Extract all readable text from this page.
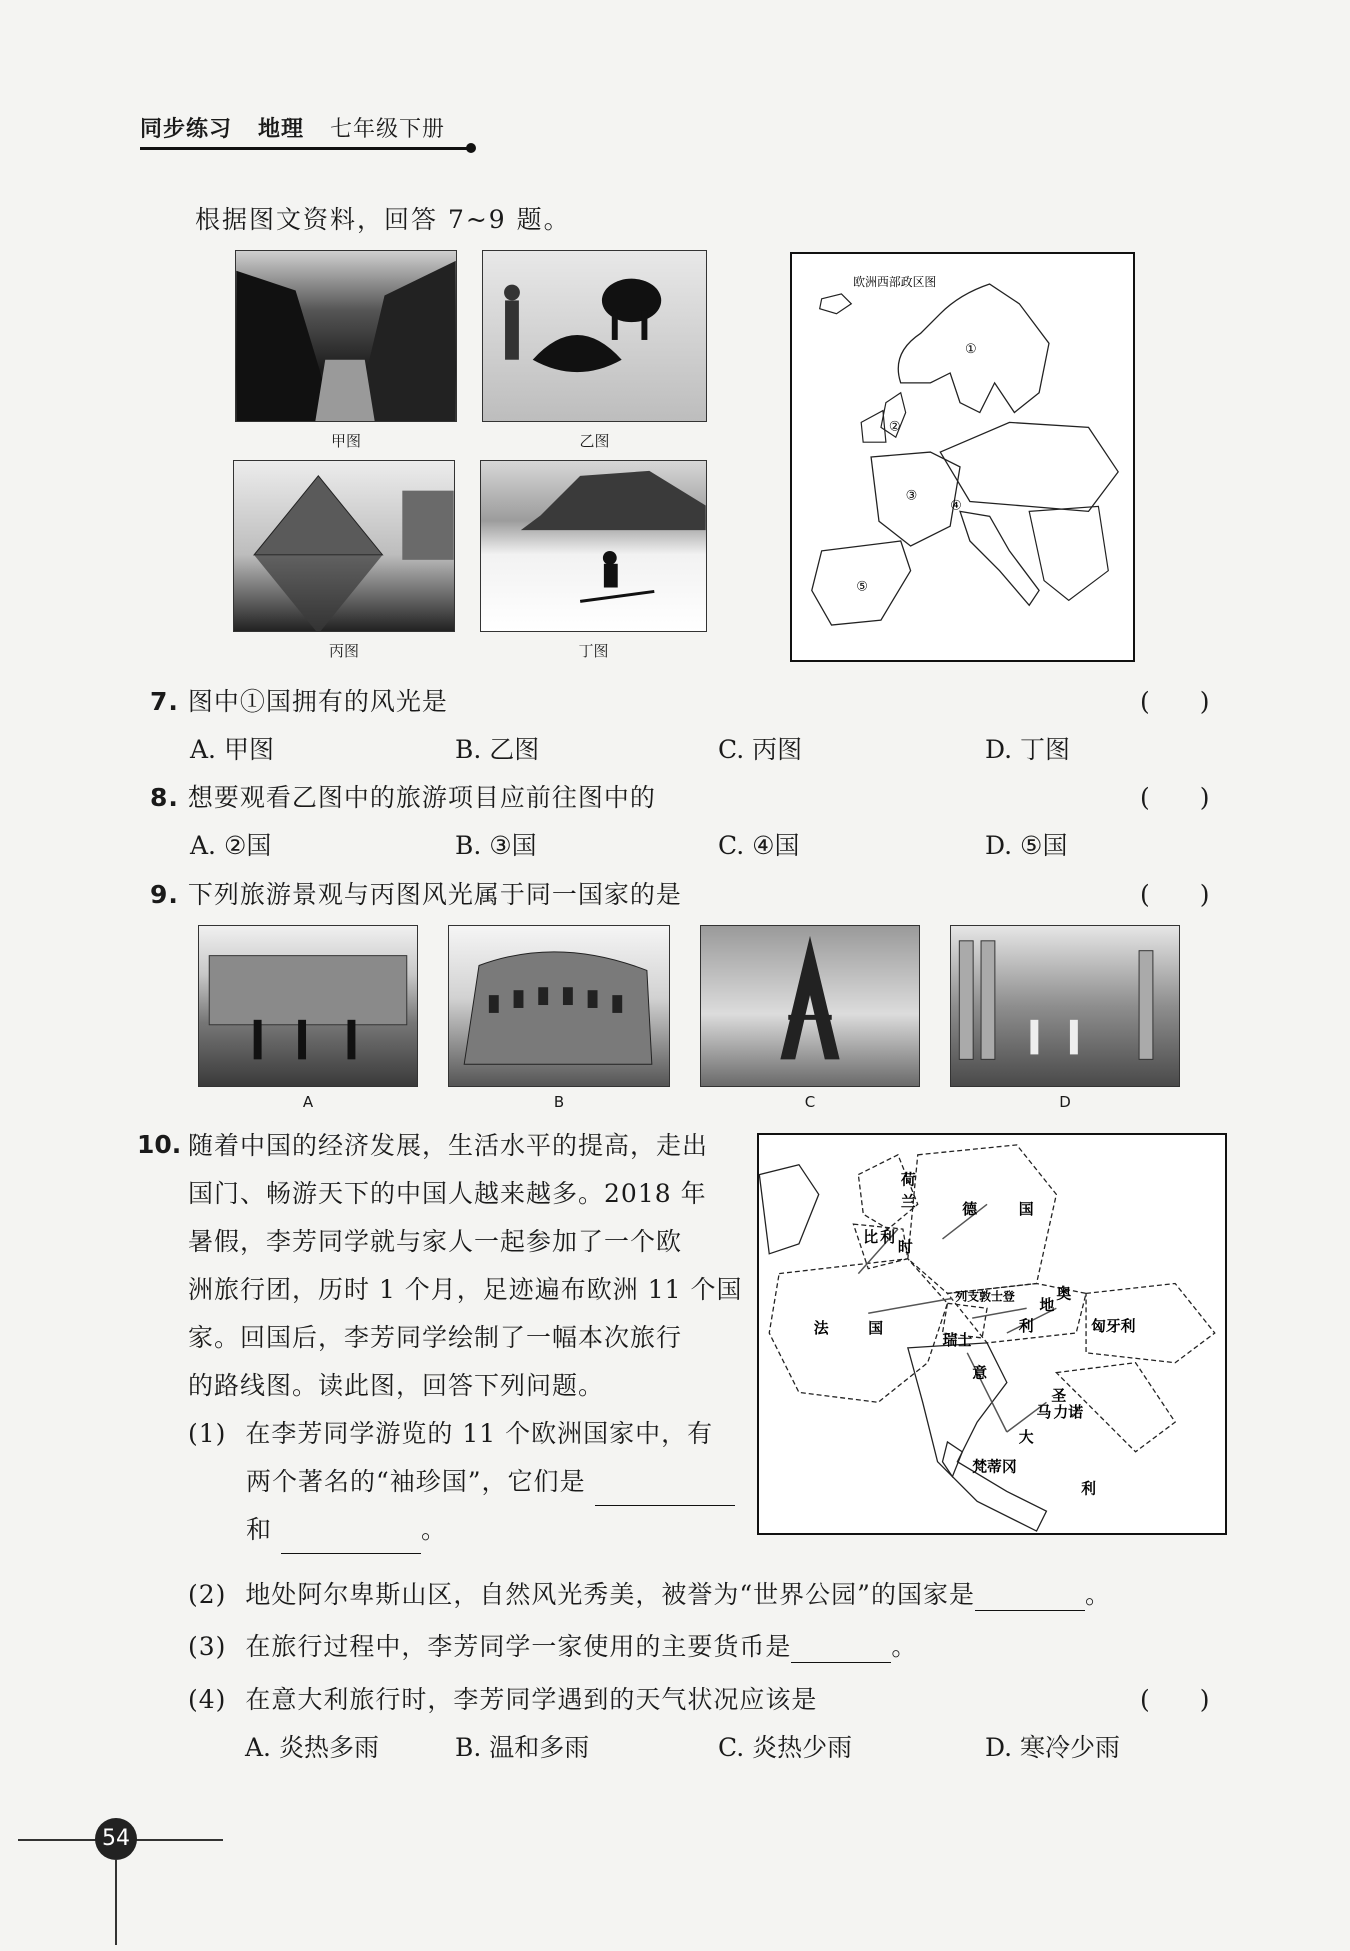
同步练习 地理 七年级下册
根据图文资料，回答 7~9 题。
甲图	乙图
丙图	丁图
欧洲西部政区图
①
②
③
④
⑤
7. 图中①国拥有的风光是	(　　)
A. 甲图	B. 乙图	C. 丙图	D. 丁图
8. 想要观看乙图中的旅游项目应前往图中的	(　　)
A. ②国	B. ③国	C. ④国	D. ⑤国
9. 下列旅游景观与丙图风光属于同一国家的是	(　　)
A	B	C	D
10. 随着中国的经济发展，生活水平的提高，走出
国门、畅游天下的中国人越来越多。2018 年
暑假，李芳同学就与家人一起参加了一个欧
洲旅行团，历时 1 个月，足迹遍布欧洲 11 个国
家。回国后，李芳同学绘制了一幅本次旅行
的路线图。读此图，回答下列问题。
荷
兰	德	国
比 利
时
法	国
列支敦士登	奥
地
利	匈牙利
瑞士
意
圣
马 力诺
大
梵蒂冈
利
(1) 在李芳同学游览的 11 个欧洲国家中，有
两个著名的“袖珍国”，它们是
和	。
(2) 地处阿尔卑斯山区，自然风光秀美，被誉为“世界公园”的国家是	。
(3) 在旅行过程中，李芳同学一家使用的主要货币是	。
(4) 在意大利旅行时，李芳同学遇到的天气状况应该是	(　　)
A. 炎热多雨	B. 温和多雨	C. 炎热少雨	D. 寒冷少雨
54
